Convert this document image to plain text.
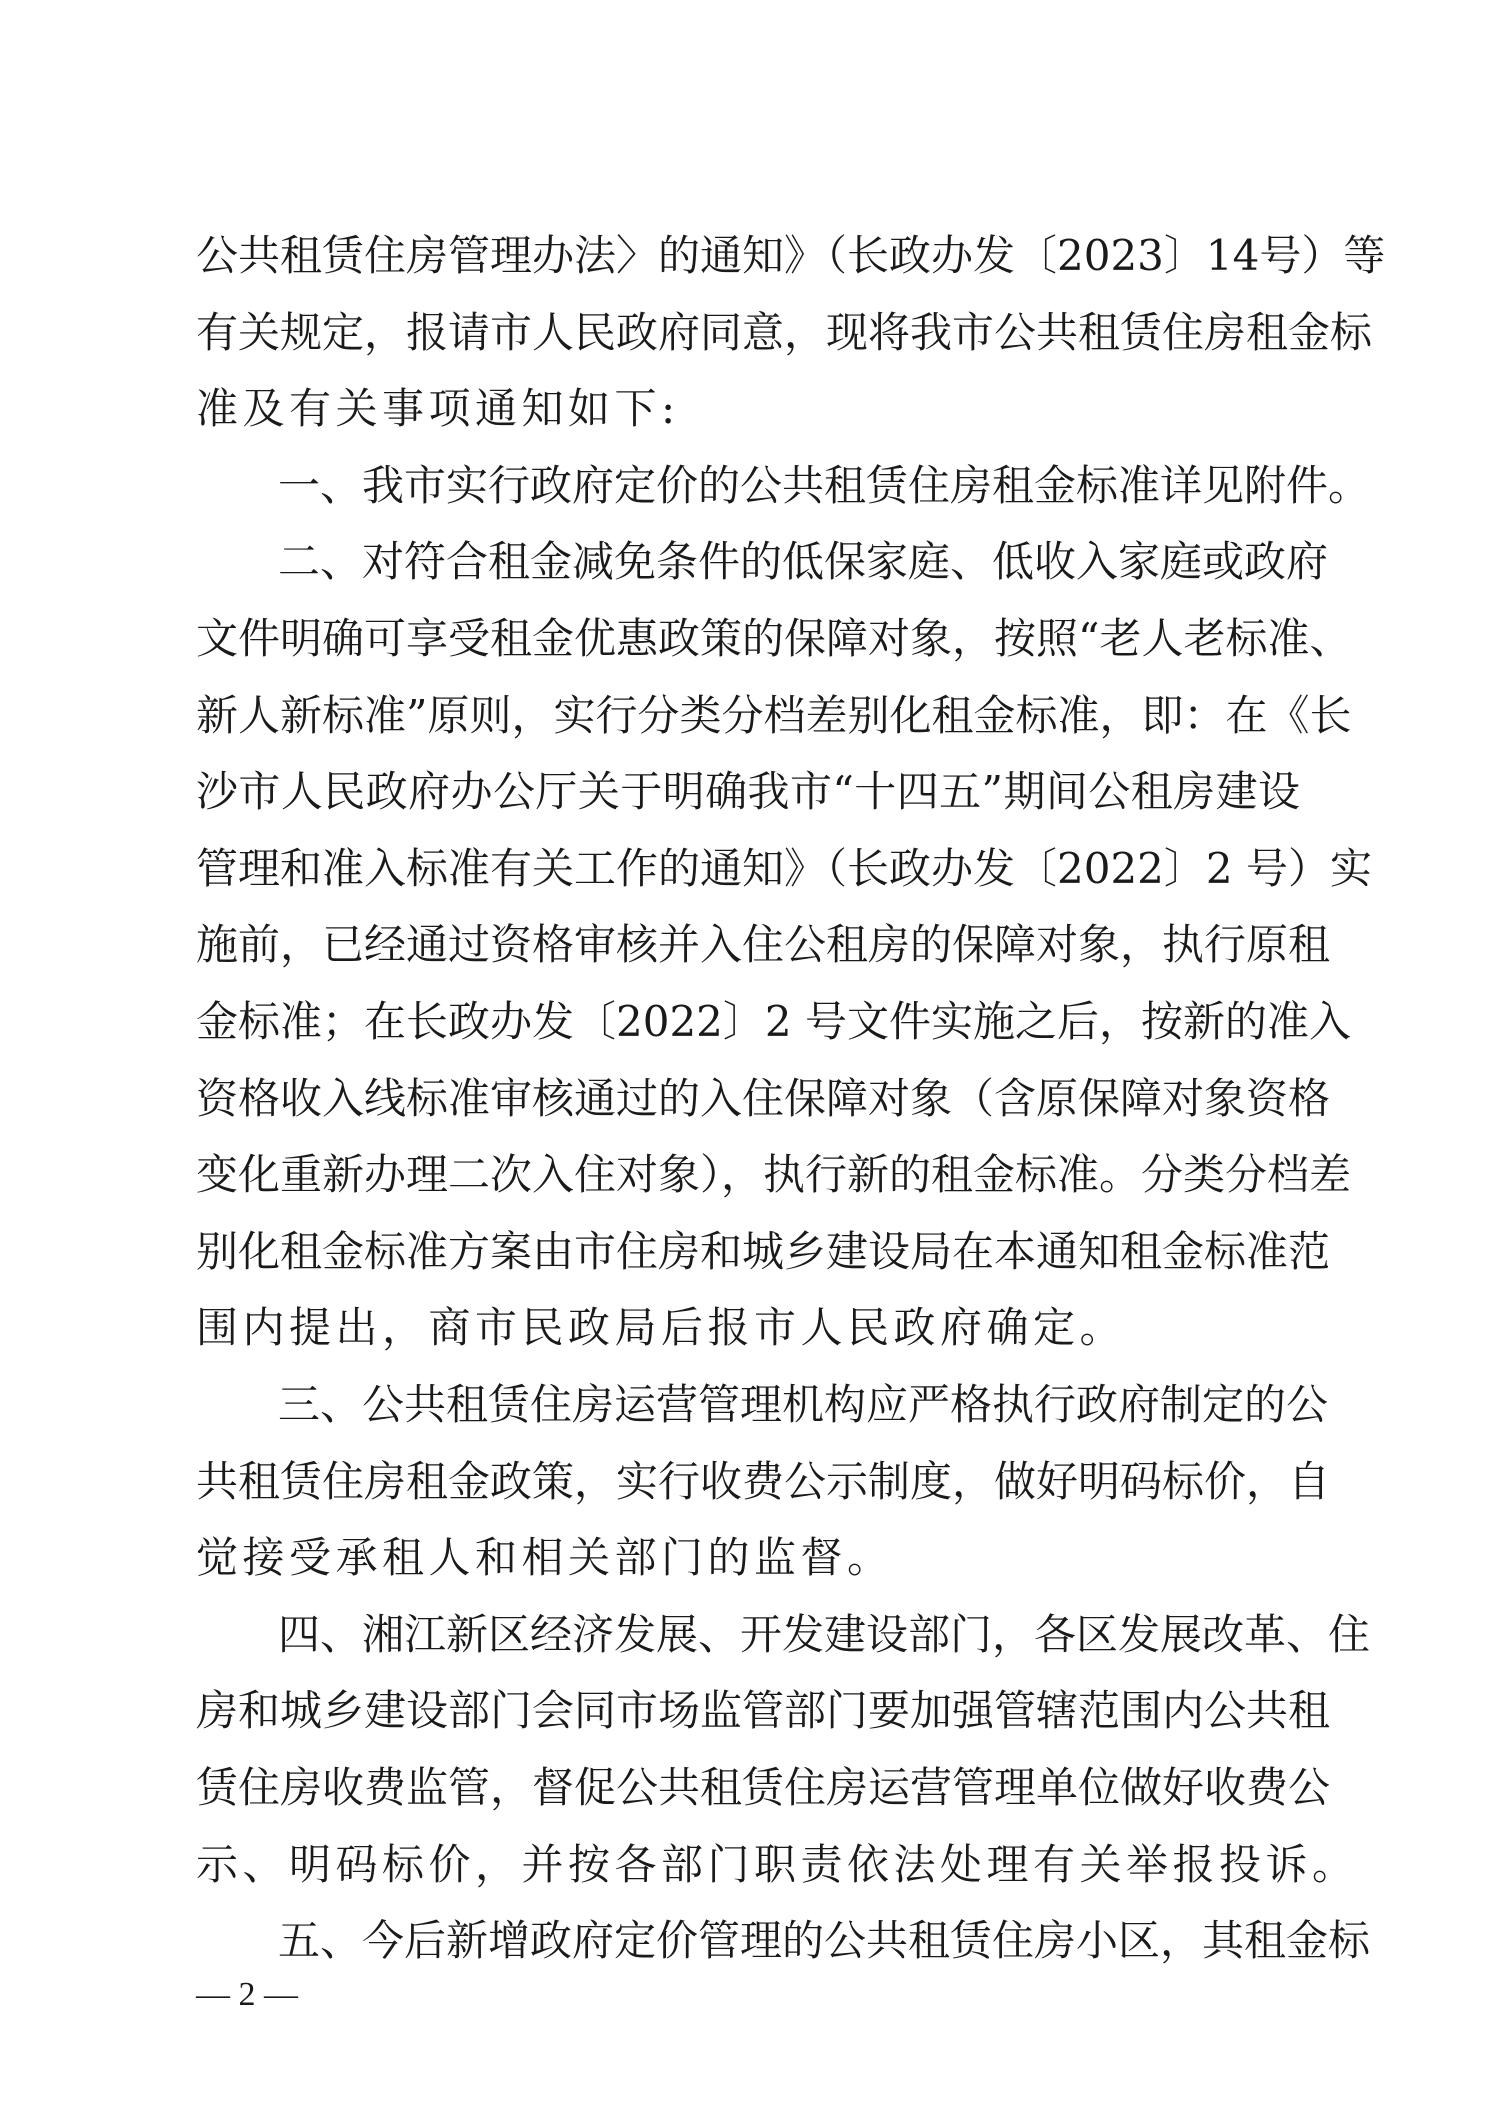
公共租赁住房管理办法〉的通知》（长政办发〔2023〕14号）等
有关规定，报请市人民政府同意，现将我市公共租赁住房租金标
准及有关事项通知如下:
一、我市实行政府定价的公共租赁住房租金标准详见附件。
二、对符合租金减免条件的低保家庭、低收入家庭或政府
文件明确可享受租金优惠政策的保障对象，按照“老人老标准、
新人新标准”原则，实行分类分档差别化租金标准，即：在《长
沙市人民政府办公厅关于明确我市“十四五”期间公租房建设
管理和准入标准有关工作的通知》（长政办发〔2022〕2 号）实
施前，已经通过资格审核并入住公租房的保障对象，执行原租
金标准；在长政办发〔2022〕2 号文件实施之后，按新的准入
资格收入线标准审核通过的入住保障对象（含原保障对象资格
变化重新办理二次入住对象），执行新的租金标准。分类分档差
别化租金标准方案由市住房和城乡建设局在本通知租金标准范
围内提出，商市民政局后报市人民政府确定。
三、公共租赁住房运营管理机构应严格执行政府制定的公
共租赁住房租金政策，实行收费公示制度，做好明码标价，自
觉接受承租人和相关部门的监督。
四、湘江新区经济发展、开发建设部门，各区发展改革、住
房和城乡建设部门会同市场监管部门要加强管辖范围内公共租
赁住房收费监管，督促公共租赁住房运营管理单位做好收费公
示、明码标价，并按各部门职责依法处理有关举报投诉。
五、今后新增政府定价管理的公共租赁住房小区，其租金标
— 2 —
